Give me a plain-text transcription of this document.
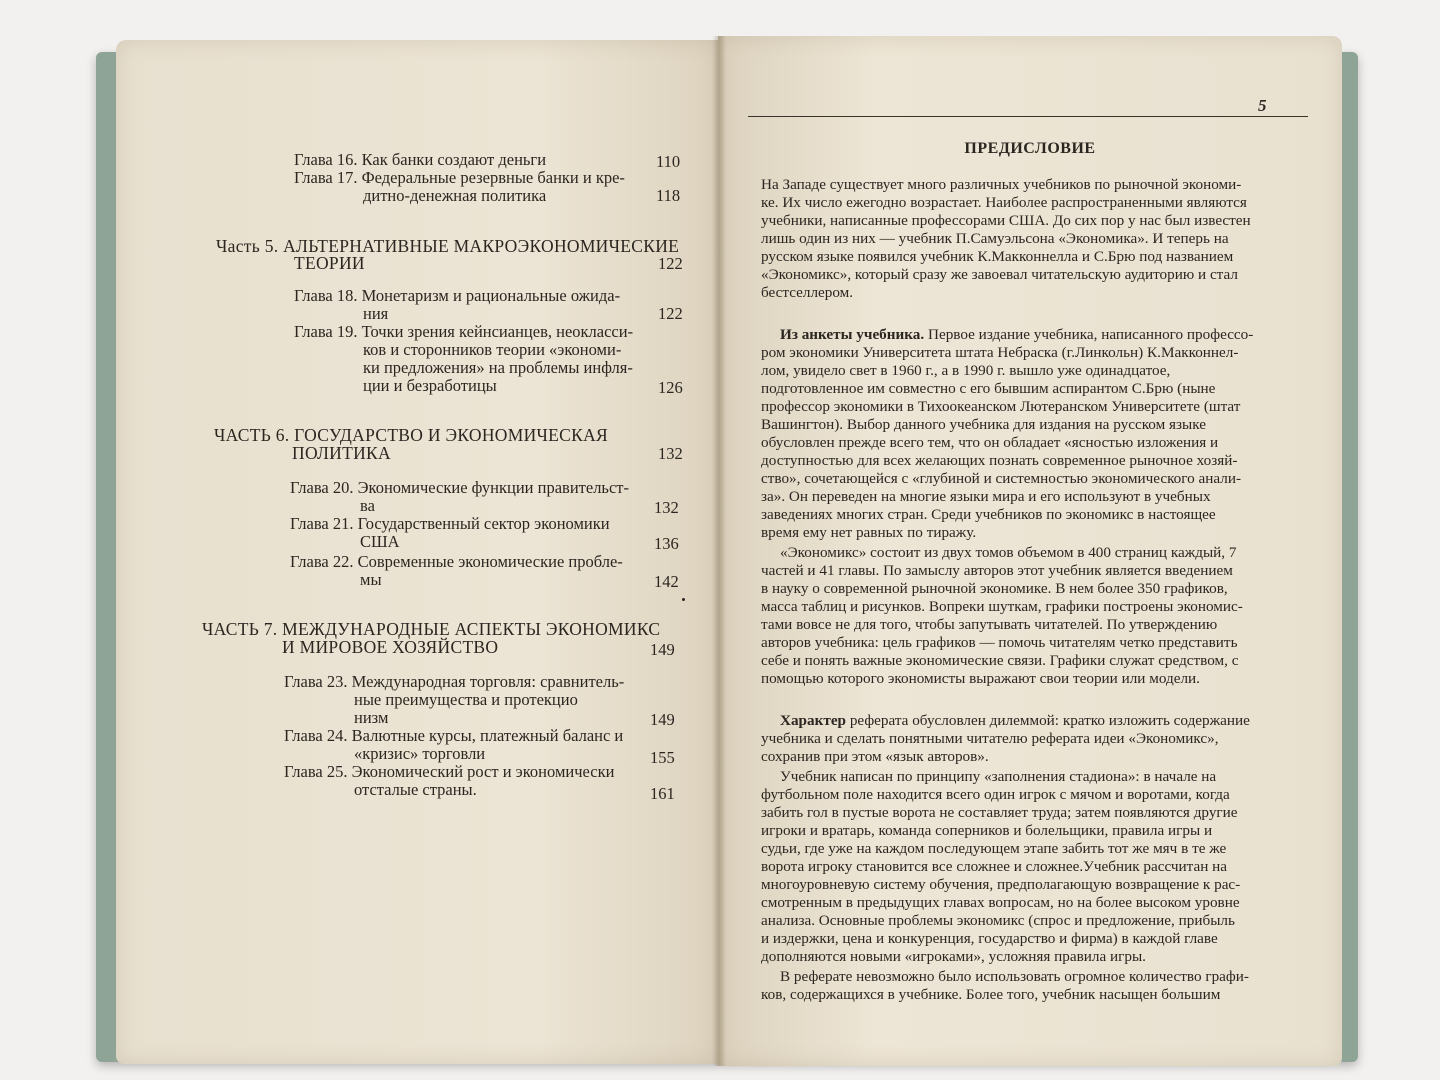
Глава 16. Как банки создают деньги	110
Глава 17. Федеральные резервные банки и кре-
дитно-денежная политика	118
Часть 5. АЛЬТЕРНАТИВНЫЕ МАКРОЭКОНОМИЧЕСКИЕ
ТЕОРИИ	122
Глава 18. Монетаризм и рациональные ожида-
ния	122
Глава 19. Точки зрения кейнсианцев, неокласси-
ков и сторонников теории «экономи-
ки предложения» на проблемы инфля-
ции и безработицы	126
ЧАСТЬ 6. ГОСУДАРСТВО И ЭКОНОМИЧЕСКАЯ
ПОЛИТИКА	132
Глава 20. Экономические функции правительст-
ва	132
Глава 21. Государственный сектор экономики
США	136
Глава 22. Современные экономические пробле-
мы	142
ЧАСТЬ 7. МЕЖДУНАРОДНЫЕ АСПЕКТЫ ЭКОНОМИКС
И МИРОВОЕ ХОЗЯЙСТВО	149
Глава 23. Международная торговля: сравнитель-
ные преимущества и протекцио
низм	149
Глава 24. Валютные курсы, платежный баланс и
«кризис» торговли	155
Глава 25. Экономический рост и экономически
отсталые страны.	161
5
ПРЕДИСЛОВИЕ
На Западе существует много различных учебников по рыночной экономи-
ке. Их число ежегодно возрастает. Наиболее распространенными являются
учебники, написанные профессорами США. До сих пор у нас был известен
лишь один из них — учебник П.Самуэльсона «Экономика». И теперь на
русском языке появился учебник К.Макконнелла и С.Брю под названием
«Экономикс», который сразу же завоевал читательскую аудиторию и стал
бестселлером.
Из анкеты учебника. Первое издание учебника, написанного профессо-
ром экономики Университета штата Небраска (г.Линкольн) К.Макконнел-
лом, увидело свет в 1960 г., а в 1990 г. вышло уже одинадцатое,
подготовленное им совместно с его бывшим аспирантом С.Брю (ныне
профессор экономики в Тихоокеанском Лютеранском Университете (штат
Вашингтон). Выбор данного учебника для издания на русском языке
обусловлен прежде всего тем, что он обладает «ясностью изложения и
доступностью для всех желающих познать современное рыночное хозяй-
ство», сочетающейся с «глубиной и системностью экономического анали-
за». Он переведен на многие языки мира и его используют в учебных
заведениях многих стран. Среди учебников по экономикс в настоящее
время ему нет равных по тиражу.
«Экономикс» состоит из двух томов объемом в 400 страниц каждый, 7
частей и 41 главы. По замыслу авторов этот учебник является введением
в науку о современной рыночной экономике. В нем более 350 графиков,
масса таблиц и рисунков. Вопреки шуткам, графики построены экономис-
тами вовсе не для того, чтобы запутывать читателей. По утверждению
авторов учебника: цель графиков — помочь читателям четко представить
себе и понять важные экономические связи. Графики служат средством, с
помощью которого экономисты выражают свои теории или модели.
Характер реферата обусловлен дилеммой: кратко изложить содержание
учебника и сделать понятными читателю реферата идеи «Экономикс»,
сохранив при этом «язык авторов».
Учебник написан по принципу «заполнения стадиона»: в начале на
футбольном поле находится всего один игрок с мячом и воротами, когда
забить гол в пустые ворота не составляет труда; затем появляются другие
игроки и вратарь, команда соперников и болельщики, правила игры и
судьи, где уже на каждом последующем этапе забить тот же мяч в те же
ворота игроку становится все сложнее и сложнее.Учебник рассчитан на
многоуровневую систему обучения, предполагающую возвращение к рас-
смотренным в предыдущих главах вопросам, но на более высоком уровне
анализа. Основные проблемы экономикс (спрос и предложение, прибыль
и издержки, цена и конкуренция, государство и фирма) в каждой главе
дополняются новыми «игроками», усложняя правила игры.
В реферате невозможно было использовать огромное количество графи-
ков, содержащихся в учебнике. Более того, учебник насыщен большим
